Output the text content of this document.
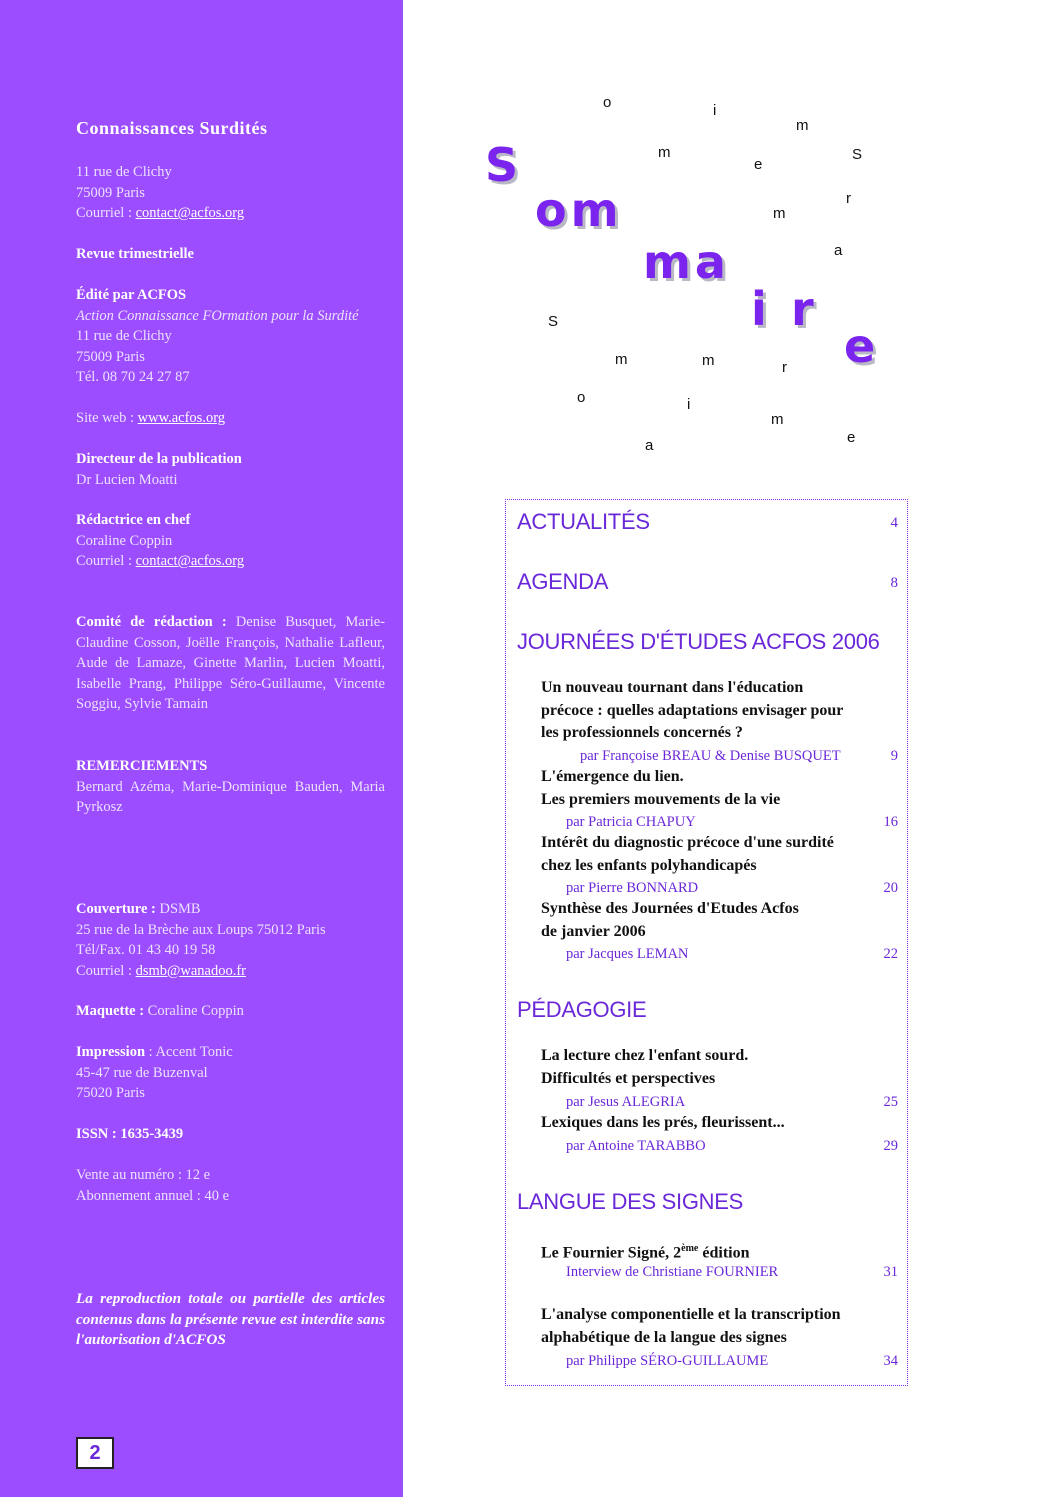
Connaissances Surdités
11 rue de Clichy
75009 Paris
Courriel : contact@acfos.org
Revue trimestrielle
Édité par ACFOS
Action Connaissance FOrmation pour la Surdité
11 rue de Clichy
75009 Paris
Tél. 08 70 24 27 87
Site web : www.acfos.org
Directeur de la publication
Dr Lucien Moatti
Rédactrice en chef
Coraline Coppin
Courriel : contact@acfos.org
Comité de rédaction : Denise Busquet, Marie-Claudine Cosson, Joëlle François, Nathalie Lafleur, Aude de Lamaze, Ginette Marlin, Lucien Moatti, Isabelle Prang, Philippe Séro-Guillaume, Vincente Soggiu, Sylvie Tamain
REMERCIEMENTS
Bernard Azéma, Marie-Dominique Bauden, Maria Pyrkosz
Couverture : DSMB
25 rue de la Brèche aux Loups 75012 Paris
Tél/Fax. 01 43 40 19 58
Courriel : dsmb@wanadoo.fr
Maquette : Coraline Coppin
Impression : Accent Tonic
45-47 rue de Buzenval
75020 Paris
ISSN : 1635-3439
Vente au numéro : 12 e
Abonnement annuel : 40 e
La reproduction totale ou partielle des articles contenus dans la présente revue est interdite sans l'autorisation d'ACFOS
2
S
om
ma
i r
e
o	i
m
m
e
S
r
m
a
S
m	m	r
o	i
m
e
a
ACTUALITÉS	4
AGENDA	8
JOURNÉES D'ÉTUDES ACFOS 2006
Un nouveau tournant dans l'éducation
précoce : quelles adaptations envisager pour
les professionnels concernés ?
par Françoise BREAU & Denise BUSQUET	9
L'émergence du lien.
Les premiers mouvements de la vie
par Patricia CHAPUY	16
Intérêt du diagnostic précoce d'une surdité
chez les enfants polyhandicapés
par Pierre BONNARD	20
Synthèse des Journées d'Etudes Acfos
de janvier 2006
par Jacques LEMAN	22
PÉDAGOGIE
La lecture chez l'enfant sourd.
Difficultés et perspectives
par Jesus ALEGRIA	25
Lexiques dans les prés, fleurissent...
par Antoine TARABBO	29
LANGUE DES SIGNES
Le Fournier Signé, 2ème édition
Interview de Christiane FOURNIER	31
L'analyse componentielle et la transcription
alphabétique de la langue des signes
par Philippe SÉRO-GUILLAUME	34
